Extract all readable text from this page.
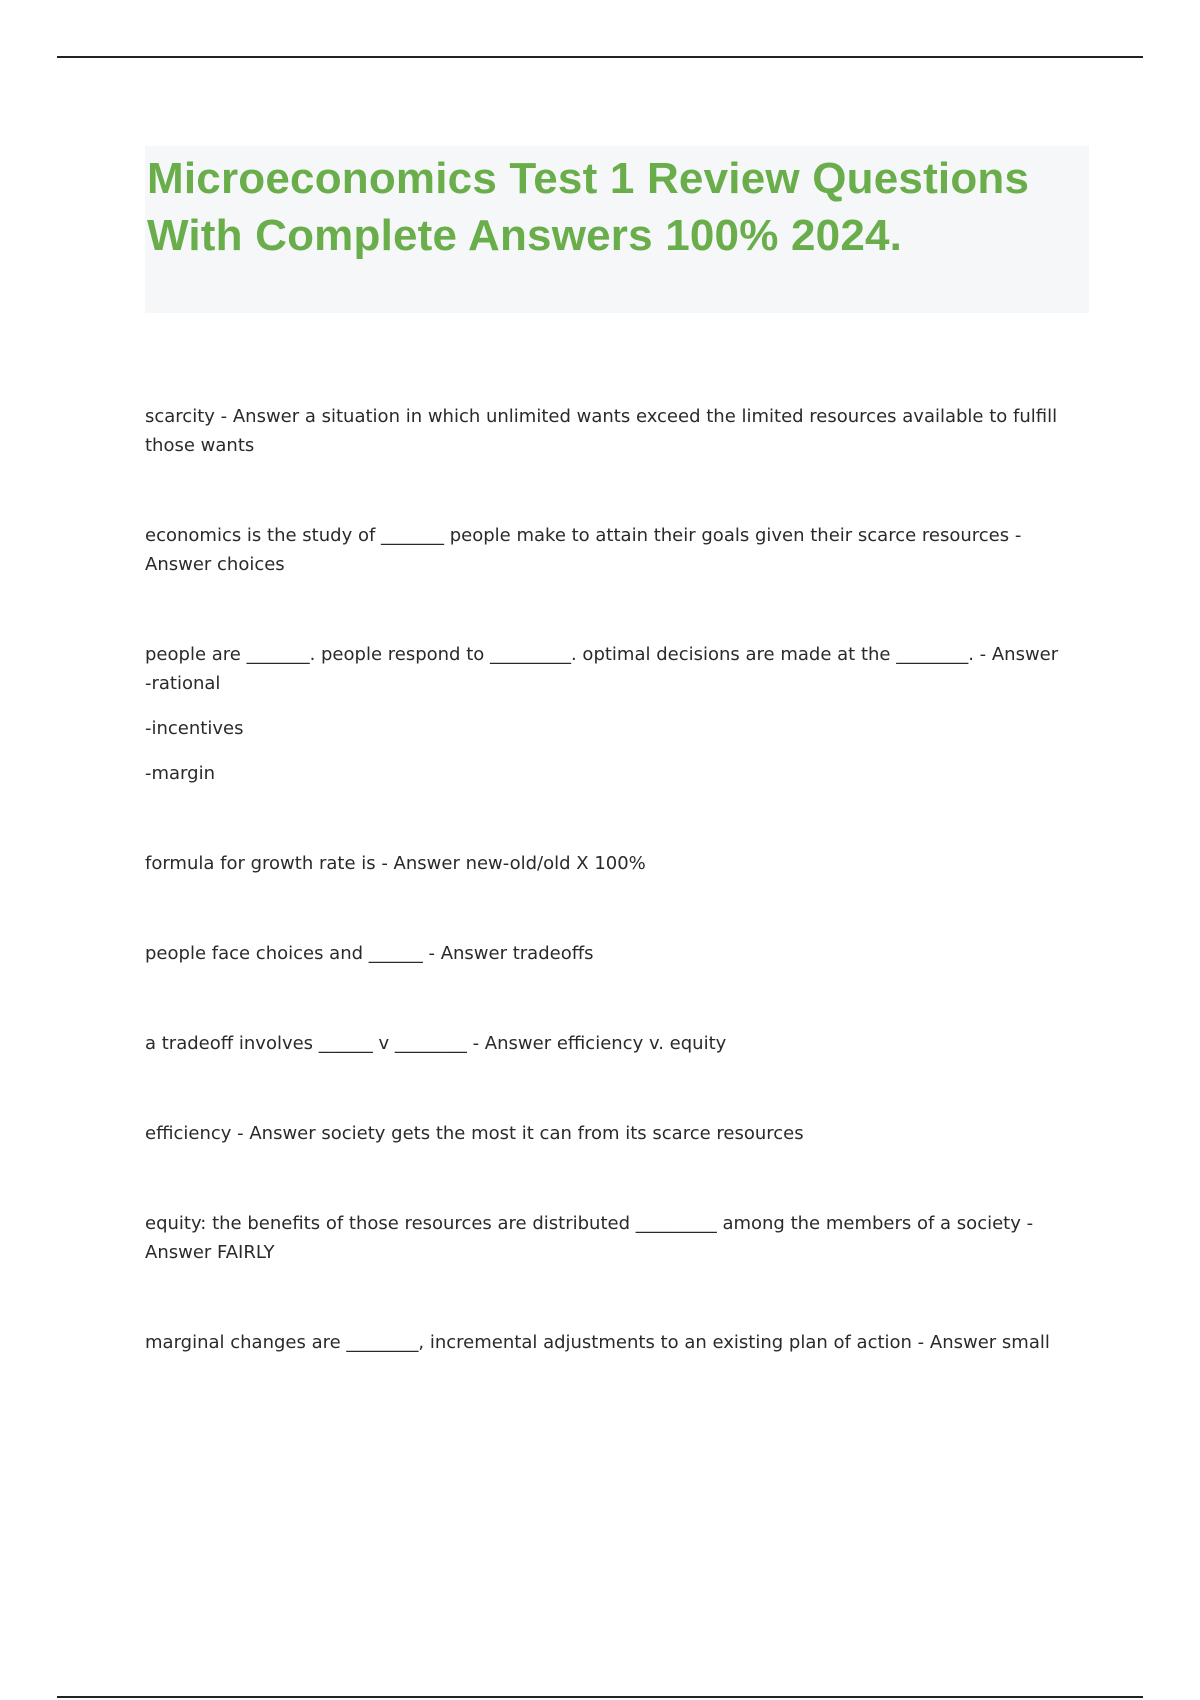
Microeconomics Test 1 Review Questions With Complete Answers 100% 2024.

scarcity - Answer a situation in which unlimited wants exceed the limited resources available to fulfill those wants

economics is the study of _______ people make to attain their goals given their scarce resources - Answer choices

people are _______. people respond to _________. optimal decisions are made at the ________. - Answer -rational

-incentives

-margin

formula for growth rate is - Answer new-old/old X 100%

people face choices and ______ - Answer tradeoffs

a tradeoff involves ______ v ________ - Answer efficiency v. equity

efficiency - Answer society gets the most it can from its scarce resources

equity: the benefits of those resources are distributed _________ among the members of a society - Answer FAIRLY

marginal changes are ________, incremental adjustments to an existing plan of action - Answer small
